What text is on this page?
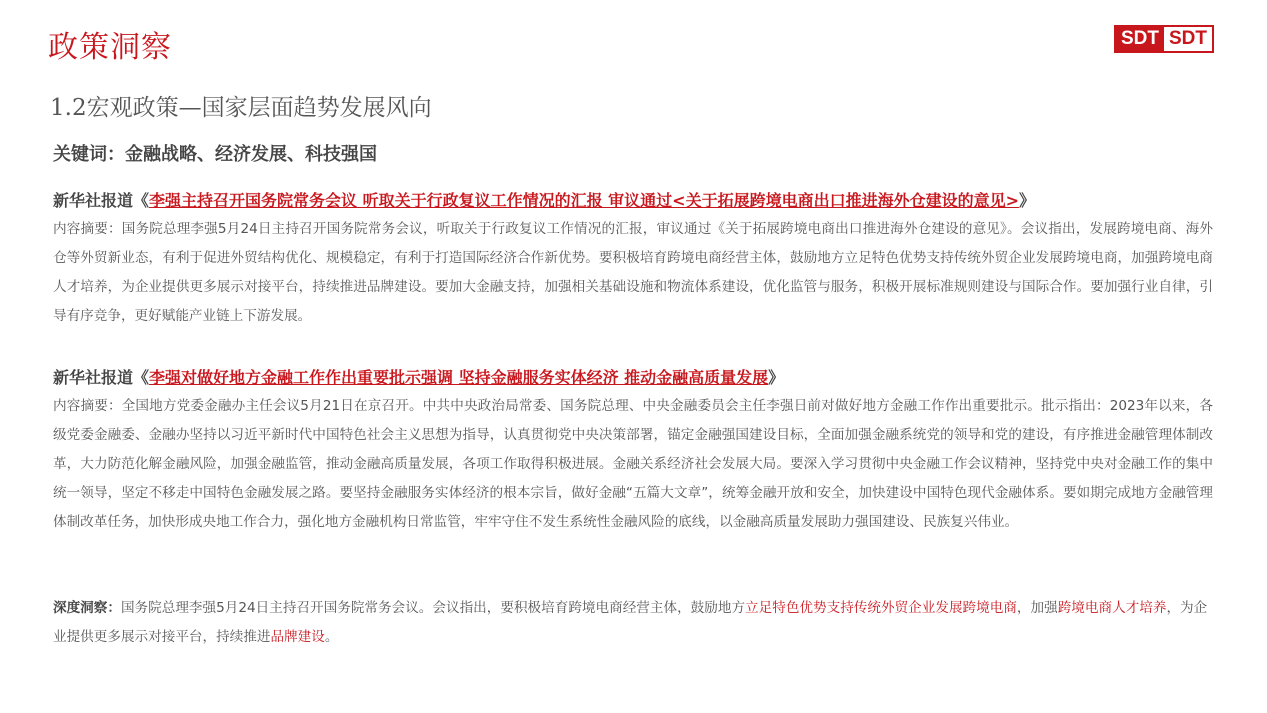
政策洞察	SDT SDT
1.2宏观政策—国家层面趋势发展风向
关键词：金融战略、经济发展、科技强国
新华社报道《李强主持召开国务院常务会议 听取关于行政复议工作情况的汇报 审议通过<关于拓展跨境电商出口推进海外仓建设的意见>》
内容摘要：国务院总理李强5月24日主持召开国务院常务会议，听取关于行政复议工作情况的汇报，审议通过《关于拓展跨境电商出口推进海外仓建设的意见》。会议指出，发展跨境电商、海外仓等外贸新业态，有利于促进外贸结构优化、规模稳定，有利于打造国际经济合作新优势。要积极培育跨境电商经营主体，鼓励地方立足特色优势支持传统外贸企业发展跨境电商，加强跨境电商人才培养，为企业提供更多展示对接平台，持续推进品牌建设。要加大金融支持，加强相关基础设施和物流体系建设，优化监管与服务，积极开展标准规则建设与国际合作。要加强行业自律，引导有序竞争，更好赋能产业链上下游发展。
新华社报道《李强对做好地方金融工作作出重要批示强调 坚持金融服务实体经济 推动金融高质量发展》
内容摘要：全国地方党委金融办主任会议5月21日在京召开。中共中央政治局常委、国务院总理、中央金融委员会主任李强日前对做好地方金融工作作出重要批示。批示指出：2023年以来，各级党委金融委、金融办坚持以习近平新时代中国特色社会主义思想为指导，认真贯彻党中央决策部署，锚定金融强国建设目标，全面加强金融系统党的领导和党的建设，有序推进金融管理体制改革，大力防范化解金融风险，加强金融监管，推动金融高质量发展，各项工作取得积极进展。金融关系经济社会发展大局。要深入学习贯彻中央金融工作会议精神，坚持党中央对金融工作的集中统一领导，坚定不移走中国特色金融发展之路。要坚持金融服务实体经济的根本宗旨，做好金融“五篇大文章”，统筹金融开放和安全，加快建设中国特色现代金融体系。要如期完成地方金融管理体制改革任务，加快形成央地工作合力，强化地方金融机构日常监管，牢牢守住不发生系统性金融风险的底线，以金融高质量发展助力强国建设、民族复兴伟业。
深度洞察：国务院总理李强5月24日主持召开国务院常务会议。会议指出，要积极培育跨境电商经营主体，鼓励地方立足特色优势支持传统外贸企业发展跨境电商，加强跨境电商人才培养，为企业提供更多展示对接平台，持续推进品牌建设。
